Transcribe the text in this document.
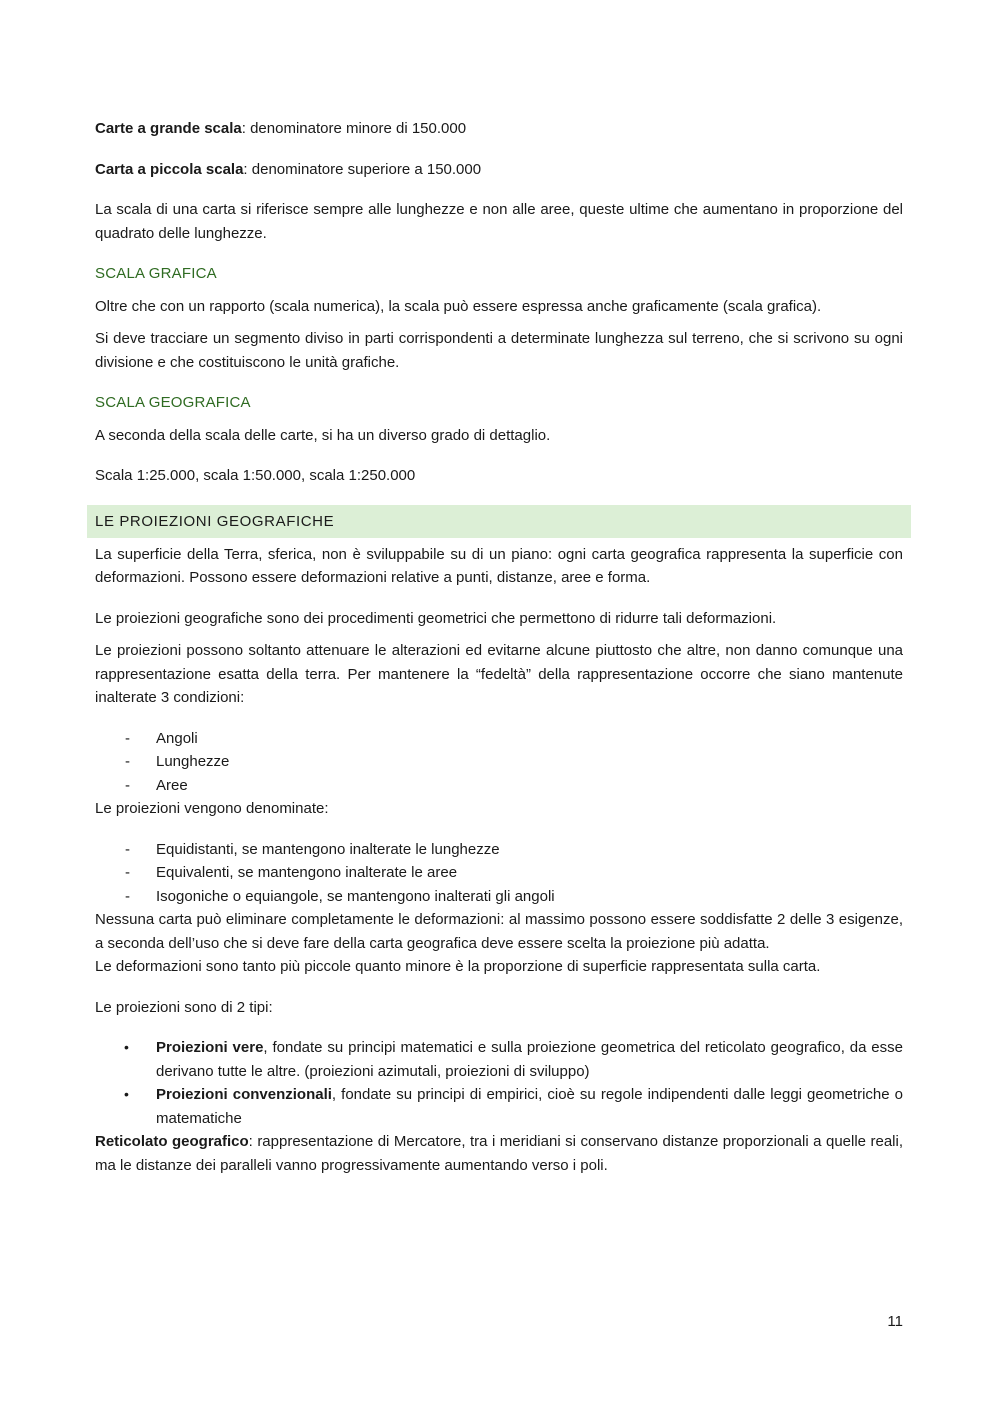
Carte a grande scala: denominatore minore di 150.000

Carta a piccola scala: denominatore superiore a 150.000

La scala di una carta si riferisce sempre alle lunghezze e non alle aree, queste ultime che aumentano in proporzione del quadrato delle lunghezze.

SCALA GRAFICA

Oltre che con un rapporto (scala numerica), la scala può essere espressa anche graficamente (scala grafica).

Si deve tracciare un segmento diviso in parti corrispondenti a determinate lunghezza sul terreno, che si scrivono su ogni divisione e che costituiscono le unità grafiche.

SCALA GEOGRAFICA

A seconda della scala delle carte, si ha un diverso grado di dettaglio.

Scala 1:25.000, scala 1:50.000, scala 1:250.000

LE PROIEZIONI GEOGRAFICHE

La superficie della Terra, sferica, non è sviluppabile su di un piano: ogni carta geografica rappresenta la superficie con deformazioni. Possono essere deformazioni relative a punti, distanze, aree e forma.

Le proiezioni geografiche sono dei procedimenti geometrici che permettono di ridurre tali deformazioni.

Le proiezioni possono soltanto attenuare le alterazioni ed evitarne alcune piuttosto che altre, non danno comunque una rappresentazione esatta della terra. Per mantenere la “fedeltà” della rappresentazione occorre che siano mantenute inalterate 3 condizioni:

- Angoli
- Lunghezze
- Aree

Le proiezioni vengono denominate:

- Equidistanti, se mantengono inalterate le lunghezze
- Equivalenti, se mantengono inalterate le aree
- Isogoniche o equiangole, se mantengono inalterati gli angoli

Nessuna carta può eliminare completamente le deformazioni: al massimo possono essere soddisfatte 2 delle 3 esigenze, a seconda dell’uso che si deve fare della carta geografica deve essere scelta la proiezione più adatta.

Le deformazioni sono tanto più piccole quanto minore è la proporzione di superficie rappresentata sulla carta.

Le proiezioni sono di 2 tipi:

• Proiezioni vere, fondate su principi matematici e sulla proiezione geometrica del reticolato geografico, da esse derivano tutte le altre. (proiezioni azimutali, proiezioni di sviluppo)
• Proiezioni convenzionali, fondate su principi di empirici, cioè su regole indipendenti dalle leggi geometriche o matematiche

Reticolato geografico: rappresentazione di Mercatore, tra i meridiani si conservano distanze proporzionali a quelle reali, ma le distanze dei paralleli vanno progressivamente aumentando verso i poli.

11
